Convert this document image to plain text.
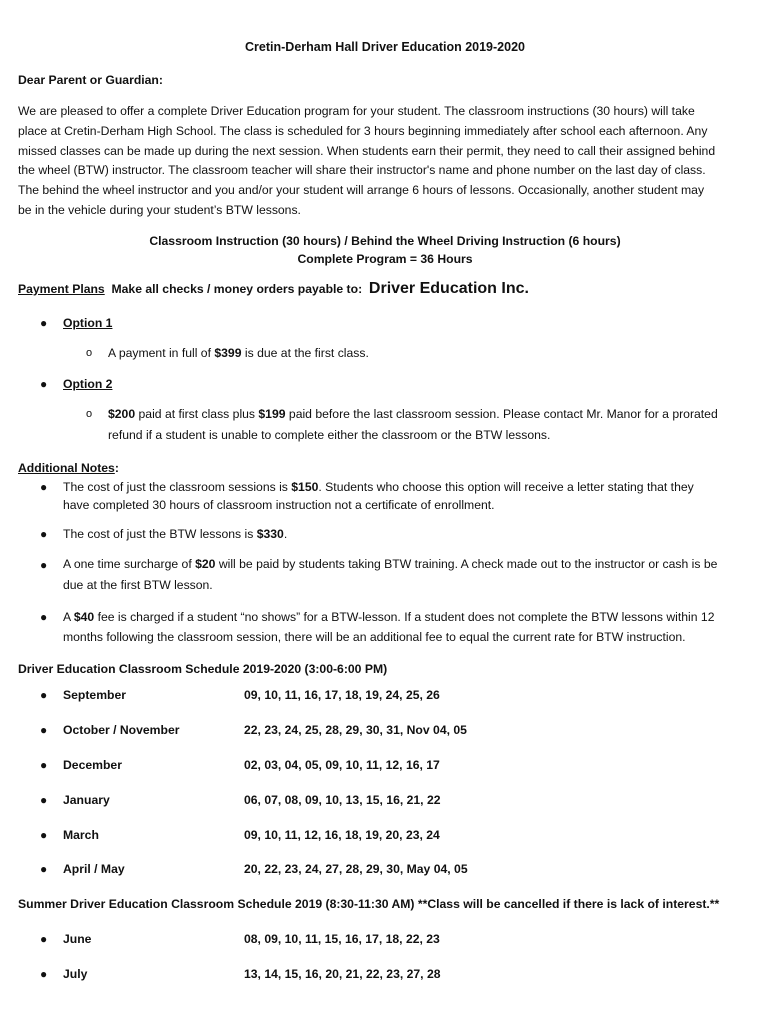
Cretin-Derham Hall Driver Education 2019-2020
Dear Parent or Guardian:
We are pleased to offer a complete Driver Education program for your student. The classroom instructions (30 hours) will take
place at Cretin-Derham High School. The class is scheduled for 3 hours beginning immediately after school each afternoon. Any
missed classes can be made up during the next session. When students earn their permit, they need to call their assigned behind
the wheel (BTW) instructor. The classroom teacher will share their instructor's name and phone number on the last day of class.
The behind the wheel instructor and you and/or your student will arrange 6 hours of lessons. Occasionally, another student may
be in the vehicle during your student’s BTW lessons.
Classroom Instruction (30 hours) / Behind the Wheel Driving Instruction (6 hours)
Complete Program = 36 Hours
Payment Plans Make all checks / money orders payable to: Driver Education Inc.
● Option 1
o A payment in full of $399 is due at the first class.
● Option 2
o $200 paid at first class plus $199 paid before the last classroom session. Please contact Mr. Manor for a prorated
refund if a student is unable to complete either the classroom or the BTW lessons.
Additional Notes:
● The cost of just the classroom sessions is $150. Students who choose this option will receive a letter stating that they
have completed 30 hours of classroom instruction not a certificate of enrollment.
● The cost of just the BTW lessons is $330.
● A one time surcharge of $20 will be paid by students taking BTW training. A check made out to the instructor or cash is be
due at the first BTW lesson.
● A $40 fee is charged if a student “no shows” for a BTW-lesson. If a student does not complete the BTW lessons within 12
months following the classroom session, there will be an additional fee to equal the current rate for BTW instruction.
Driver Education Classroom Schedule 2019-2020 (3:00-6:00 PM)
● September	09, 10, 11, 16, 17, 18, 19, 24, 25, 26
● October / November	22, 23, 24, 25, 28, 29, 30, 31, Nov 04, 05
● December	02, 03, 04, 05, 09, 10, 11, 12, 16, 17
● January	06, 07, 08, 09, 10, 13, 15, 16, 21, 22
● March	09, 10, 11, 12, 16, 18, 19, 20, 23, 24
● April / May	20, 22, 23, 24, 27, 28, 29, 30, May 04, 05
Summer Driver Education Classroom Schedule 2019 (8:30-11:30 AM) **Class will be cancelled if there is lack of interest.**
● June	08, 09, 10, 11, 15, 16, 17, 18, 22, 23
● July	13, 14, 15, 16, 20, 21, 22, 23, 27, 28
